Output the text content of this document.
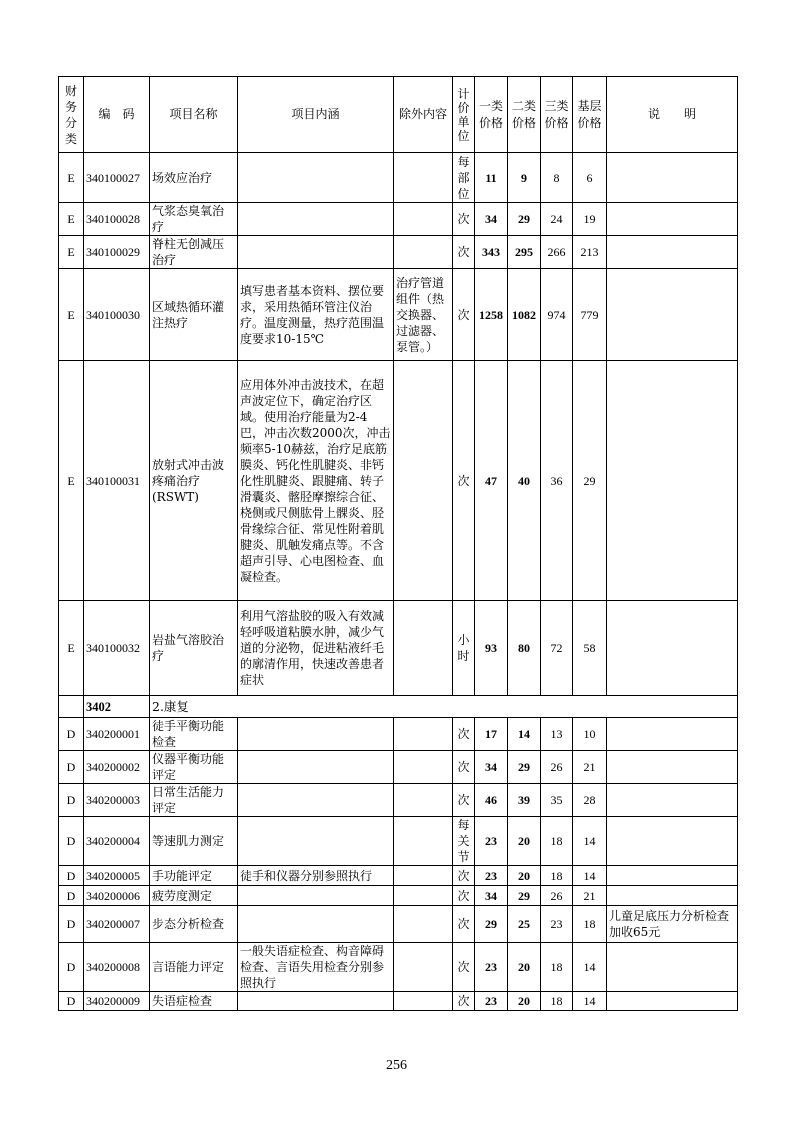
财务分类	编　码	项目名称	项目内涵	除外内容	计价单位	一类价格	二类价格	三类价格	基层价格	说　　明
E	340100027	场效应治疗			每部位	11	9	8	6	
E	340100028	气浆态臭氧治疗			次	34	29	24	19	
E	340100029	脊柱无创减压治疗			次	343	295	266	213	
E	340100030	区域热循环灌注热疗	填写患者基本资料、摆位要求，采用热循环管注仪治疗。温度测量，热疗范围温度要求10-15℃	治疗管道组件（热交换器、过滤器、泵管。）	次	1258	1082	974	779	
E	340100031	放射式冲击波疼痛治疗(RSWT)	应用体外冲击波技术，在超声波定位下，确定治疗区域。使用治疗能量为2-4巴，冲击次数2000次，冲击频率5-10赫兹，治疗足底筋膜炎、钙化性肌腱炎、非钙化性肌腱炎、跟腱痛、转子滑囊炎、髂胫摩擦综合征、桡侧或尺侧肱骨上髁炎、胫骨缘综合征、常见性附着肌腱炎、肌触发痛点等。不含超声引导、心电图检查、血凝检查。		次	47	40	36	29	
E	340100032	岩盐气溶胶治疗	利用气溶盐胶的吸入有效减轻呼吸道粘膜水肿，减少气道的分泌物，促进粘液纤毛的廓清作用，快速改善患者症状		小时	93	80	72	58	
	3402	2.康复								
D	340200001	徒手平衡功能检查			次	17	14	13	10	
D	340200002	仪器平衡功能评定			次	34	29	26	21	
D	340200003	日常生活能力评定			次	46	39	35	28	
D	340200004	等速肌力测定			每关节	23	20	18	14	
D	340200005	手功能评定	徒手和仪器分别参照执行		次	23	20	18	14	
D	340200006	疲劳度测定			次	34	29	26	21	
D	340200007	步态分析检查			次	29	25	23	18	儿童足底压力分析检查加收65元
D	340200008	言语能力评定	一般失语症检查、构音障碍检查、言语失用检查分别参照执行		次	23	20	18	14	
D	340200009	失语症检查			次	23	20	18	14	
256
